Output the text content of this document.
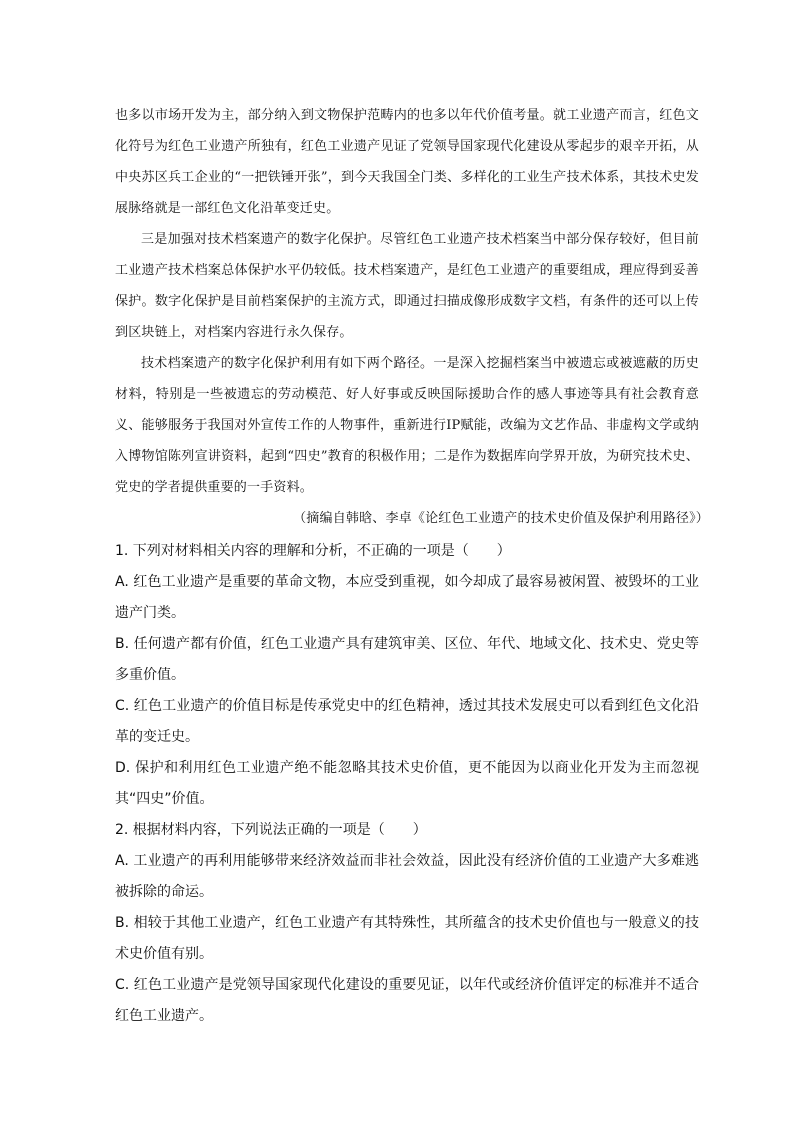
也多以市场开发为主，部分纳入到文物保护范畴内的也多以年代价值考量。就工业遗产而言，红色文化符号为红色工业遗产所独有，红色工业遗产见证了党领导国家现代化建设从零起步的艰辛开拓，从中央苏区兵工企业的“一把铁锤开张”，到今天我国全门类、多样化的工业生产技术体系，其技术史发展脉络就是一部红色文化沿革变迁史。

三是加强对技术档案遗产的数字化保护。尽管红色工业遗产技术档案当中部分保存较好，但目前工业遗产技术档案总体保护水平仍较低。技术档案遗产，是红色工业遗产的重要组成，理应得到妥善保护。数字化保护是目前档案保护的主流方式，即通过扫描成像形成数字文档，有条件的还可以上传到区块链上，对档案内容进行永久保存。

技术档案遗产的数字化保护利用有如下两个路径。一是深入挖掘档案当中被遗忘或被遮蔽的历史材料，特别是一些被遗忘的劳动模范、好人好事或反映国际援助合作的感人事迹等具有社会教育意义、能够服务于我国对外宣传工作的人物事件，重新进行IP赋能，改编为文艺作品、非虚构文学或纳入博物馆陈列宣讲资料，起到“四史”教育的积极作用；二是作为数据库向学界开放，为研究技术史、党史的学者提供重要的一手资料。

（摘编自韩晗、李卓《论红色工业遗产的技术史价值及保护利用路径》）

1. 下列对材料相关内容的理解和分析，不正确的一项是（　　）

A. 红色工业遗产是重要的革命文物，本应受到重视，如今却成了最容易被闲置、被毁坏的工业遗产门类。

B. 任何遗产都有价值，红色工业遗产具有建筑审美、区位、年代、地域文化、技术史、党史等多重价值。

C. 红色工业遗产的价值目标是传承党史中的红色精神，透过其技术发展史可以看到红色文化沿革的变迁史。

D. 保护和利用红色工业遗产绝不能忽略其技术史价值，更不能因为以商业化开发为主而忽视其“四史”价值。

2. 根据材料内容，下列说法正确的一项是（　　）

A. 工业遗产的再利用能够带来经济效益而非社会效益，因此没有经济价值的工业遗产大多难逃被拆除的命运。

B. 相较于其他工业遗产，红色工业遗产有其特殊性，其所蕴含的技术史价值也与一般意义的技术史价值有别。

C. 红色工业遗产是党领导国家现代化建设的重要见证，以年代或经济价值评定的标准并不适合红色工业遗产。
